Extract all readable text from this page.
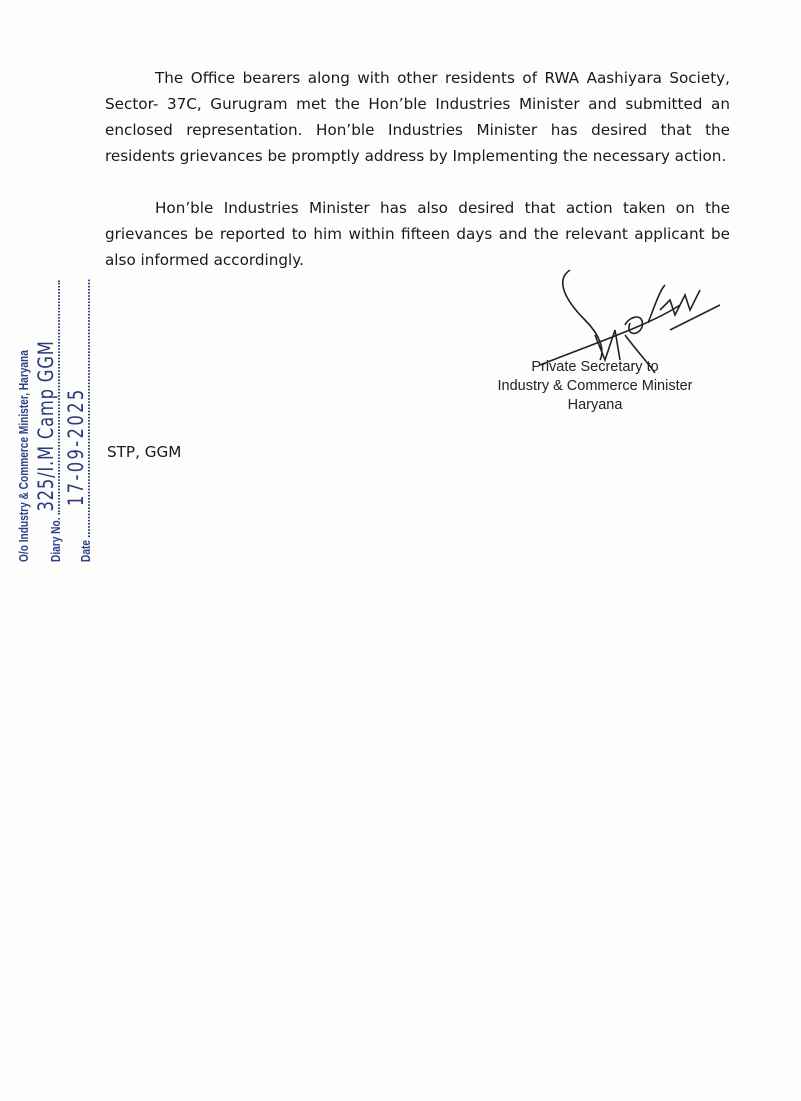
The Office bearers along with other residents of RWA Aashiyara Society, Sector- 37C, Gurugram met the Hon’ble Industries Minister and submitted an enclosed representation. Hon’ble Industries Minister has desired that the residents grievances be promptly address by Implementing the necessary action.
Hon’ble Industries Minister has also desired that action taken on the grievances be reported to him within fifteen days and the relevant applicant be also informed accordingly.
Private Secretary to
Industry & Commerce Minister
Haryana
STP, GGM
O/o Industry & Commerce Minister, Haryana	Diary No.
325/I.M Camp GGM
Date
17-09-2025
